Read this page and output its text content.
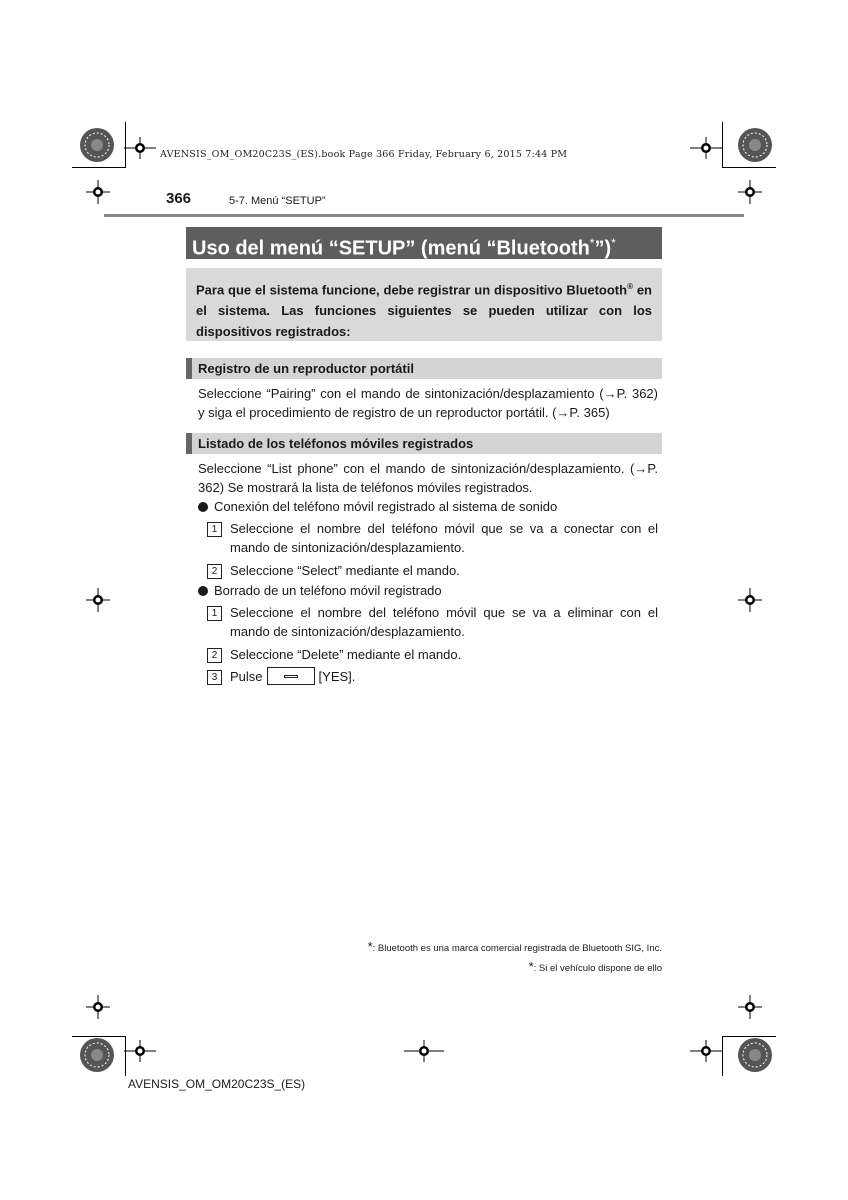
AVENSIS_OM_OM20C23S_(ES).book Page 366 Friday, February 6, 2015 7:44 PM
366	5-7. Menú “SETUP”
Uso del menú “SETUP” (menú “Bluetooth*”)*
Para que el sistema funcione, debe registrar un dispositivo Bluetooth® en el sistema. Las funciones siguientes se pueden utilizar con los dispositivos registrados:
Registro de un reproductor portátil
Seleccione “Pairing” con el mando de sintonización/desplazamiento (→P. 362) y siga el procedimiento de registro de un reproductor portátil. (→P. 365)
Listado de los teléfonos móviles registrados
Seleccione “List phone” con el mando de sintonización/desplazamiento. (→P. 362) Se mostrará la lista de teléfonos móviles registrados.
Conexión del teléfono móvil registrado al sistema de sonido
1 Seleccione el nombre del teléfono móvil que se va a conectar con el mando de sintonización/desplazamiento.
2 Seleccione “Select” mediante el mando.
Borrado de un teléfono móvil registrado
1 Seleccione el nombre del teléfono móvil que se va a eliminar con el mando de sintonización/desplazamiento.
2 Seleccione “Delete” mediante el mando.
3 Pulse	[YES].
*: Bluetooth es una marca comercial registrada de Bluetooth SIG, Inc.
*: Si el vehículo dispone de ello
AVENSIS_OM_OM20C23S_(ES)
